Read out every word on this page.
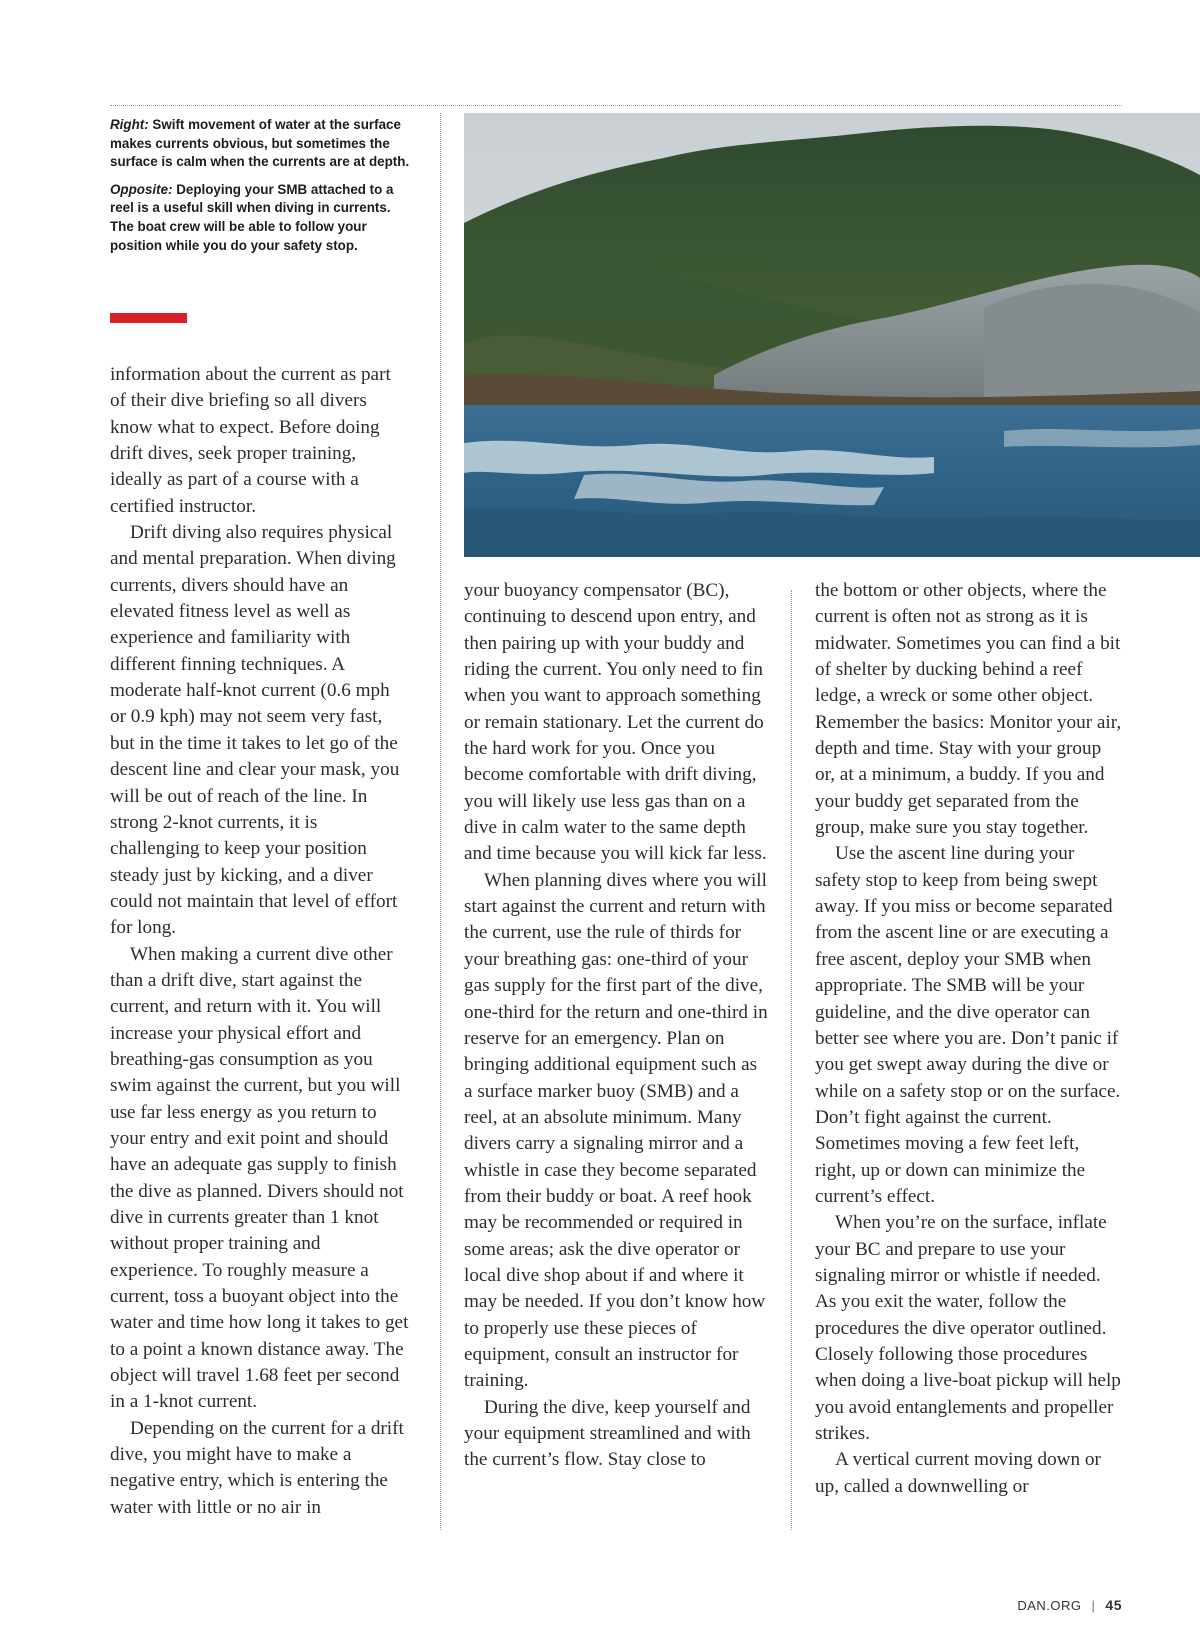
Right: Swift movement of water at the surface makes currents obvious, but sometimes the surface is calm when the currents are at depth.

Opposite: Deploying your SMB attached to a reel is a useful skill when diving in currents. The boat crew will be able to follow your position while you do your safety stop.

information about the current as part of their dive briefing so all divers know what to expect. Before doing drift dives, seek proper training, ideally as part of a course with a certified instructor.

Drift diving also requires physical and mental preparation. When diving currents, divers should have an elevated fitness level as well as experience and familiarity with different finning techniques. A moderate half-knot current (0.6 mph or 0.9 kph) may not seem very fast, but in the time it takes to let go of the descent line and clear your mask, you will be out of reach of the line. In strong 2-knot currents, it is challenging to keep your position steady just by kicking, and a diver could not maintain that level of effort for long.

When making a current dive other than a drift dive, start against the current, and return with it. You will increase your physical effort and breathing-gas consumption as you swim against the current, but you will use far less energy as you return to your entry and exit point and should have an adequate gas supply to finish the dive as planned. Divers should not dive in currents greater than 1 knot without proper training and experience. To roughly measure a current, toss a buoyant object into the water and time how long it takes to get to a point a known distance away. The object will travel 1.68 feet per second in a 1-knot current.

Depending on the current for a drift dive, you might have to make a negative entry, which is entering the water with little or no air in

your buoyancy compensator (BC), continuing to descend upon entry, and then pairing up with your buddy and riding the current. You only need to fin when you want to approach something or remain stationary. Let the current do the hard work for you. Once you become comfortable with drift diving, you will likely use less gas than on a dive in calm water to the same depth and time because you will kick far less.

When planning dives where you will start against the current and return with the current, use the rule of thirds for your breathing gas: one-third of your gas supply for the first part of the dive, one-third for the return and one-third in reserve for an emergency. Plan on bringing additional equipment such as a surface marker buoy (SMB) and a reel, at an absolute minimum. Many divers carry a signaling mirror and a whistle in case they become separated from their buddy or boat. A reef hook may be recommended or required in some areas; ask the dive operator or local dive shop about if and where it may be needed. If you don’t know how to properly use these pieces of equipment, consult an instructor for training.

During the dive, keep yourself and your equipment streamlined and with the current’s flow. Stay close to

the bottom or other objects, where the current is often not as strong as it is midwater. Sometimes you can find a bit of shelter by ducking behind a reef ledge, a wreck or some other object. Remember the basics: Monitor your air, depth and time. Stay with your group or, at a minimum, a buddy. If you and your buddy get separated from the group, make sure you stay together.

Use the ascent line during your safety stop to keep from being swept away. If you miss or become separated from the ascent line or are executing a free ascent, deploy your SMB when appropriate. The SMB will be your guideline, and the dive operator can better see where you are. Don’t panic if you get swept away during the dive or while on a safety stop or on the surface. Don’t fight against the current. Sometimes moving a few feet left, right, up or down can minimize the current’s effect.

When you’re on the surface, inflate your BC and prepare to use your signaling mirror or whistle if needed. As you exit the water, follow the procedures the dive operator outlined. Closely following those procedures when doing a live-boat pickup will help you avoid entanglements and propeller strikes.

A vertical current moving down or up, called a downwelling or

DAN.ORG | 45
